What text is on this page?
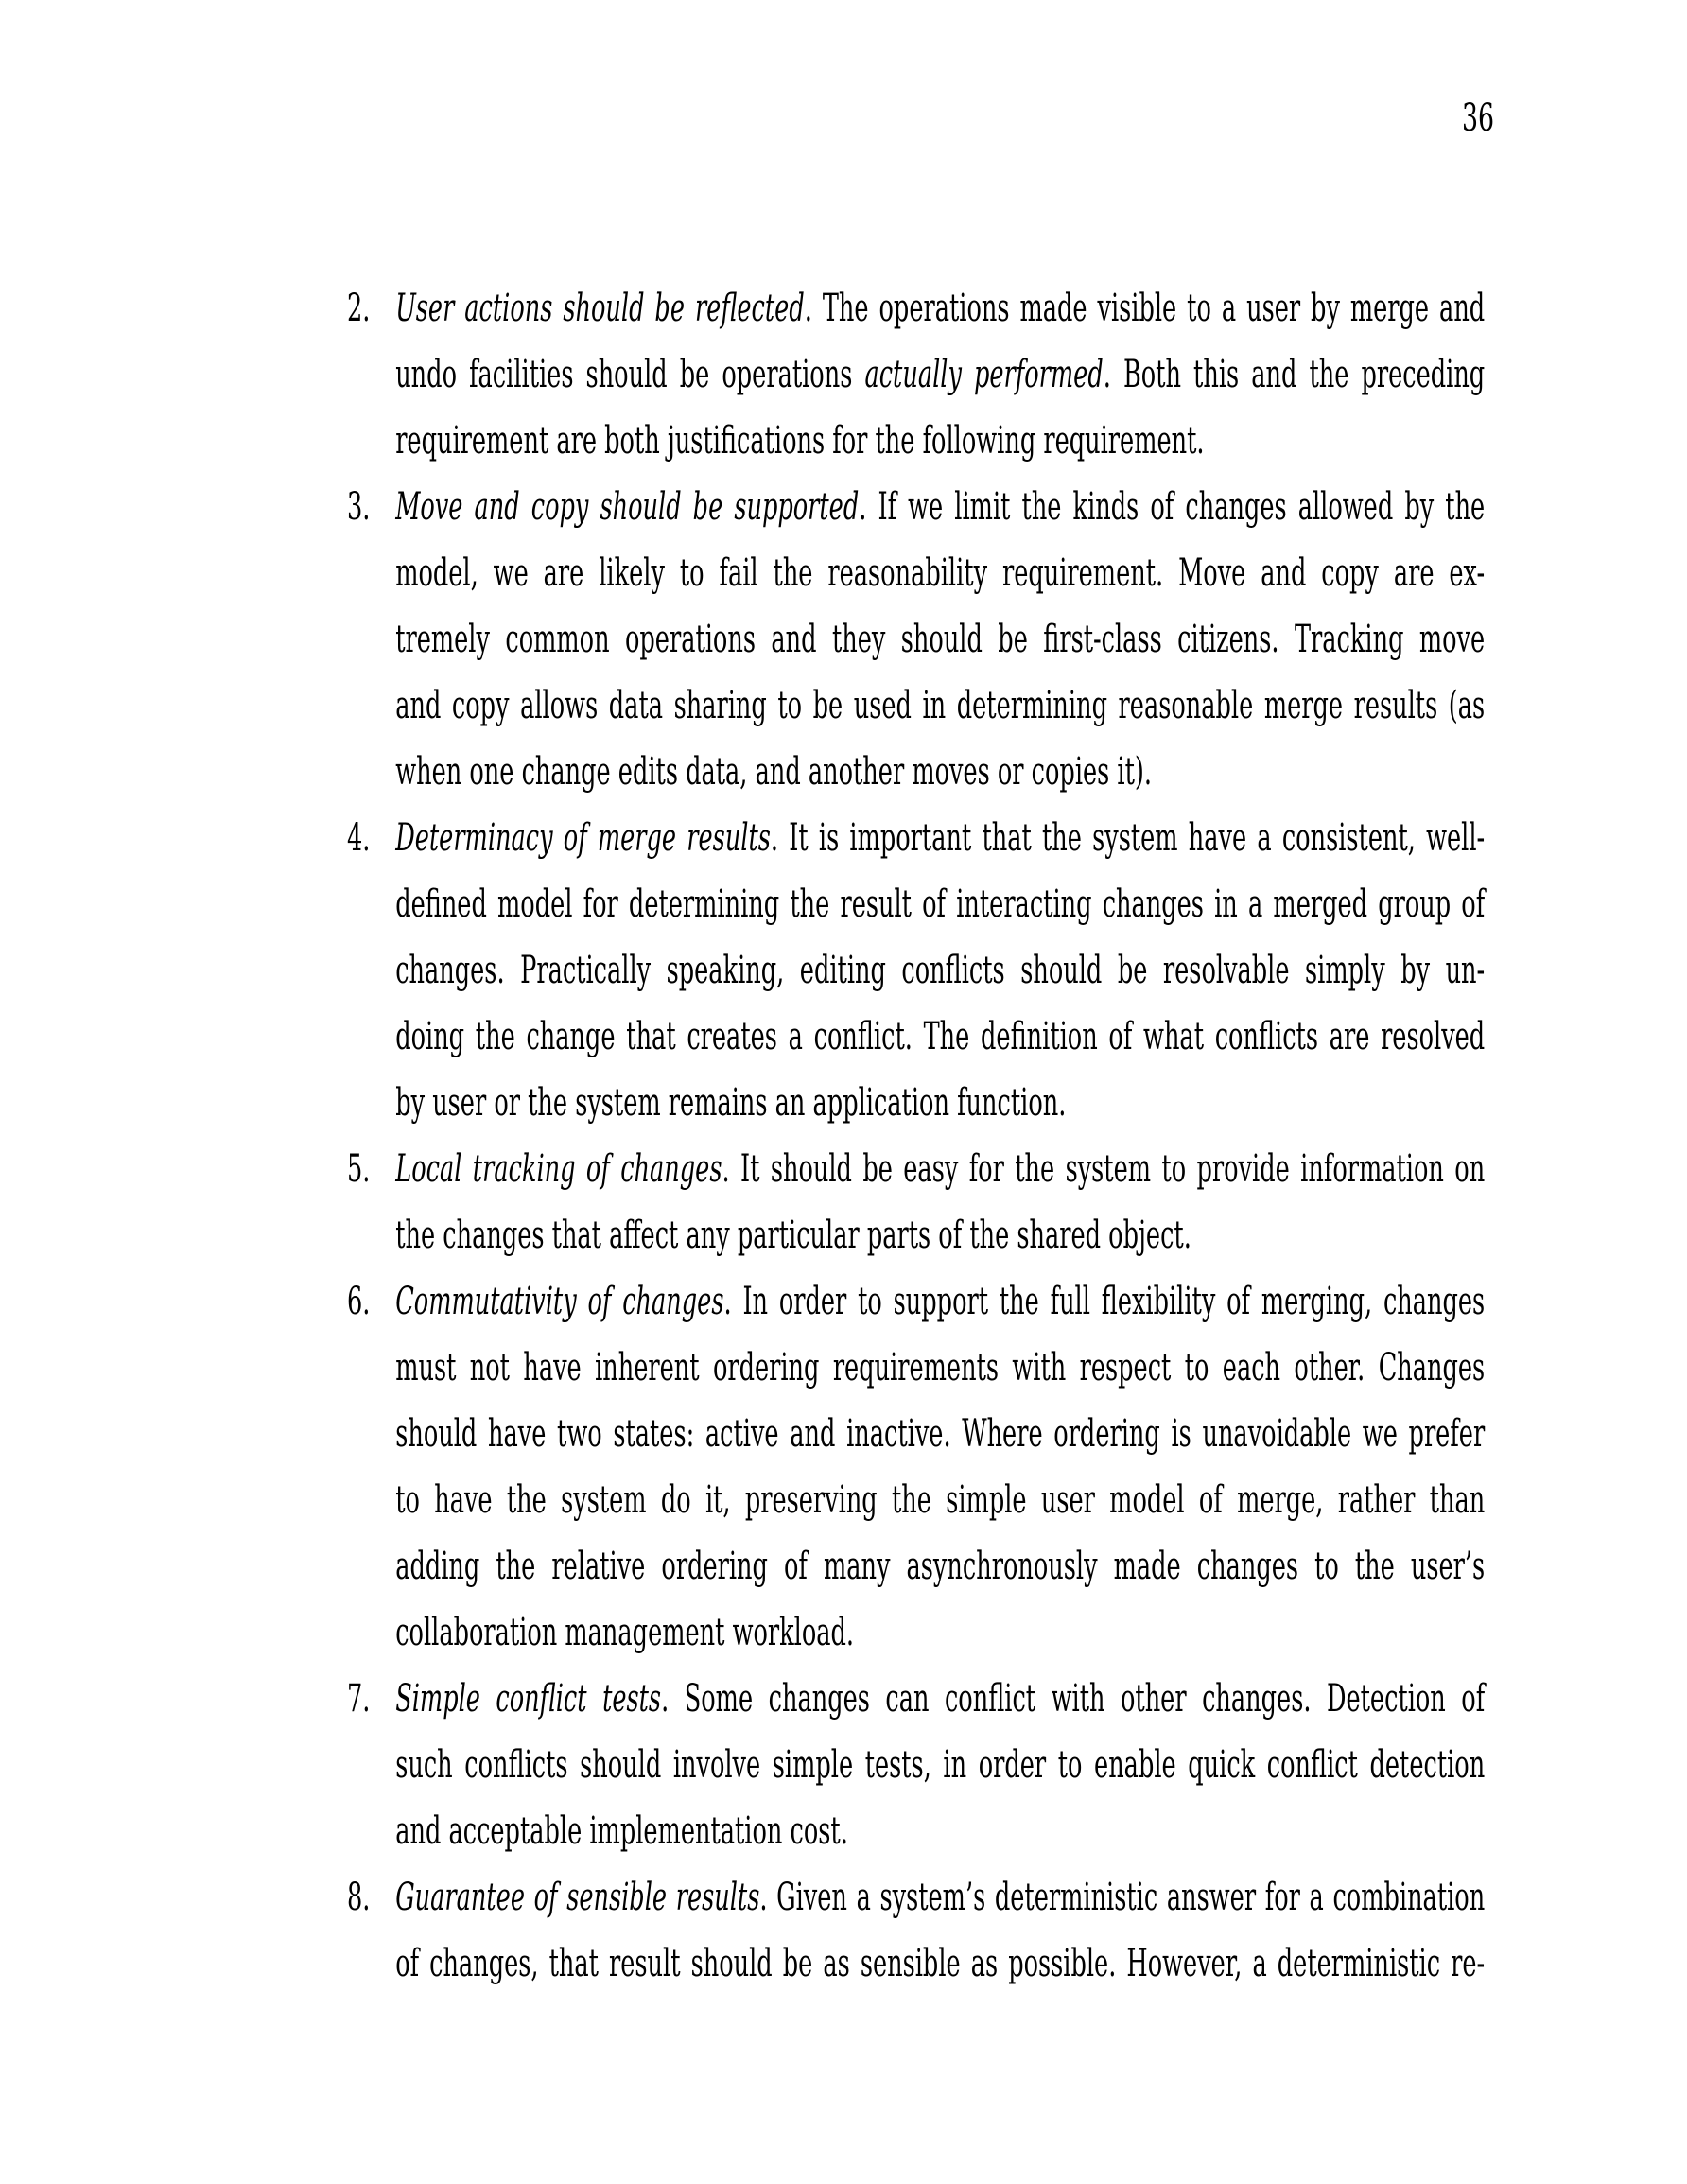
36
2. User actions should be reflected. The operations made visible to a user by merge and
undo facilities should be operations actually performed. Both this and the preceding
requirement are both justifications for the following requirement.
3. Move and copy should be supported. If we limit the kinds of changes allowed by the
model, we are likely to fail the reasonability requirement. Move and copy are ex-
tremely common operations and they should be first-class citizens. Tracking move
and copy allows data sharing to be used in determining reasonable merge results (as
when one change edits data, and another moves or copies it).
4. Determinacy of merge results. It is important that the system have a consistent, well-
defined model for determining the result of interacting changes in a merged group of
changes. Practically speaking, editing conflicts should be resolvable simply by un-
doing the change that creates a conflict. The definition of what conflicts are resolved
by user or the system remains an application function.
5. Local tracking of changes. It should be easy for the system to provide information on
the changes that affect any particular parts of the shared object.
6. Commutativity of changes. In order to support the full flexibility of merging, changes
must not have inherent ordering requirements with respect to each other. Changes
should have two states: active and inactive. Where ordering is unavoidable we prefer
to have the system do it, preserving the simple user model of merge, rather than
adding the relative ordering of many asynchronously made changes to the user’s
collaboration management workload.
7. Simple conflict tests. Some changes can conflict with other changes. Detection of
such conflicts should involve simple tests, in order to enable quick conflict detection
and acceptable implementation cost.
8. Guarantee of sensible results. Given a system’s deterministic answer for a combination
of changes, that result should be as sensible as possible. However, a deterministic re-
